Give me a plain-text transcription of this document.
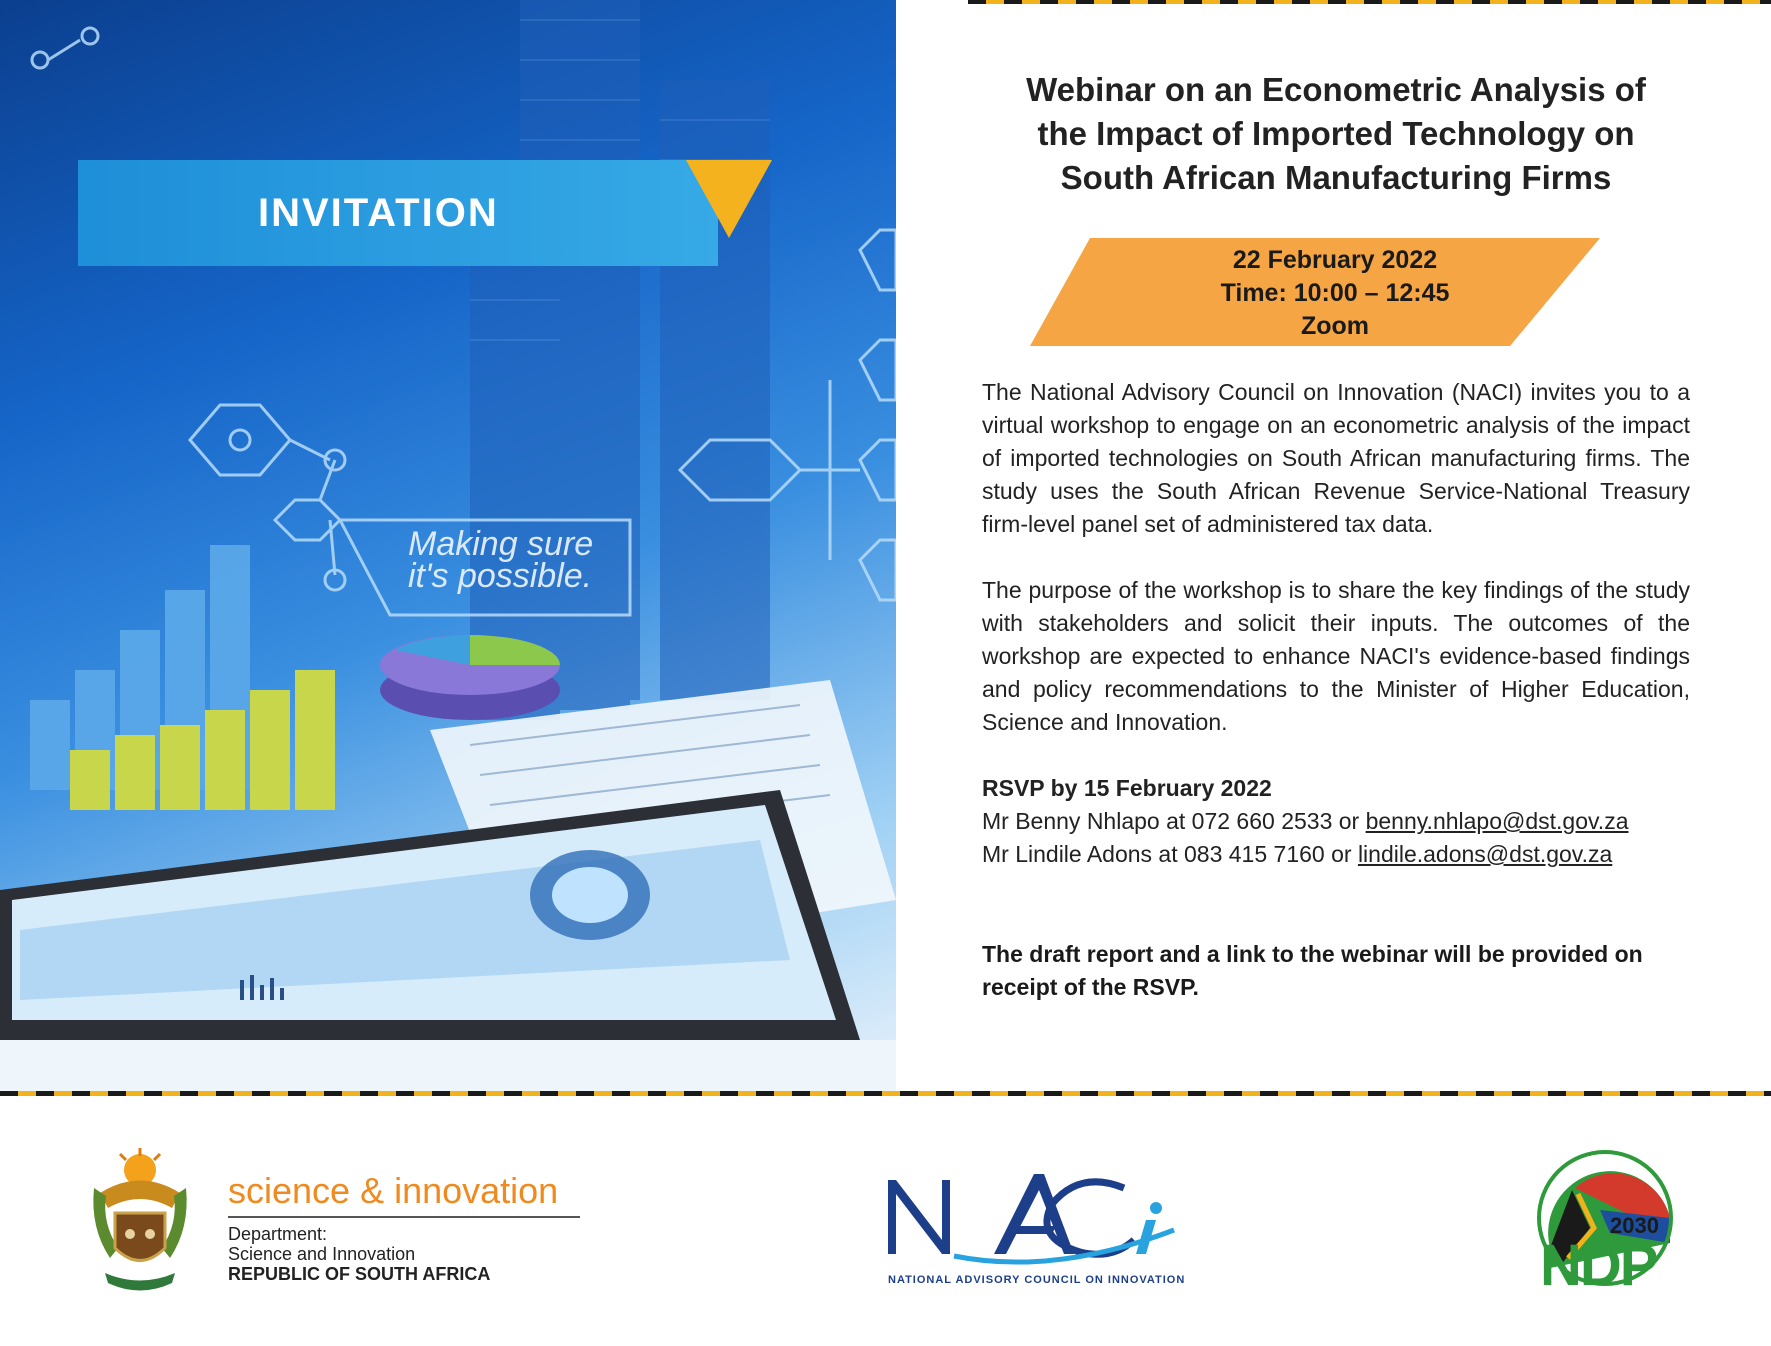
INVITATION
Making sure
it's possible.
Webinar on an Econometric Analysis of
the Impact of Imported Technology on
South African Manufacturing Firms
22 February 2022
Time: 10:00 – 12:45
Zoom

The National Advisory Council on Innovation (NACI) invites you to a virtual workshop to engage on an econometric analysis of the impact of imported technologies on South African manufacturing firms. The study uses the South African Revenue Service-National Treasury firm-level panel set of administered tax data.

The purpose of the workshop is to share the key findings of the study with stakeholders and solicit their inputs. The outcomes of the workshop are expected to enhance NACI's evidence-based findings and policy recommendations to the Minister of Higher Education, Science and Innovation.

RSVP by 15 February 2022
Mr Benny Nhlapo at 072 660 2533 or benny.nhlapo@dst.gov.za
Mr Lindile Adons at 083 415 7160 or lindile.adons@dst.gov.za

The draft report and a link to the webinar will be provided on receipt of the RSVP.

science & innovation
Department:
Science and Innovation
REPUBLIC OF SOUTH AFRICA	NATIONAL ADVISORY COUNCIL ON INNOVATION
2030
NDP
